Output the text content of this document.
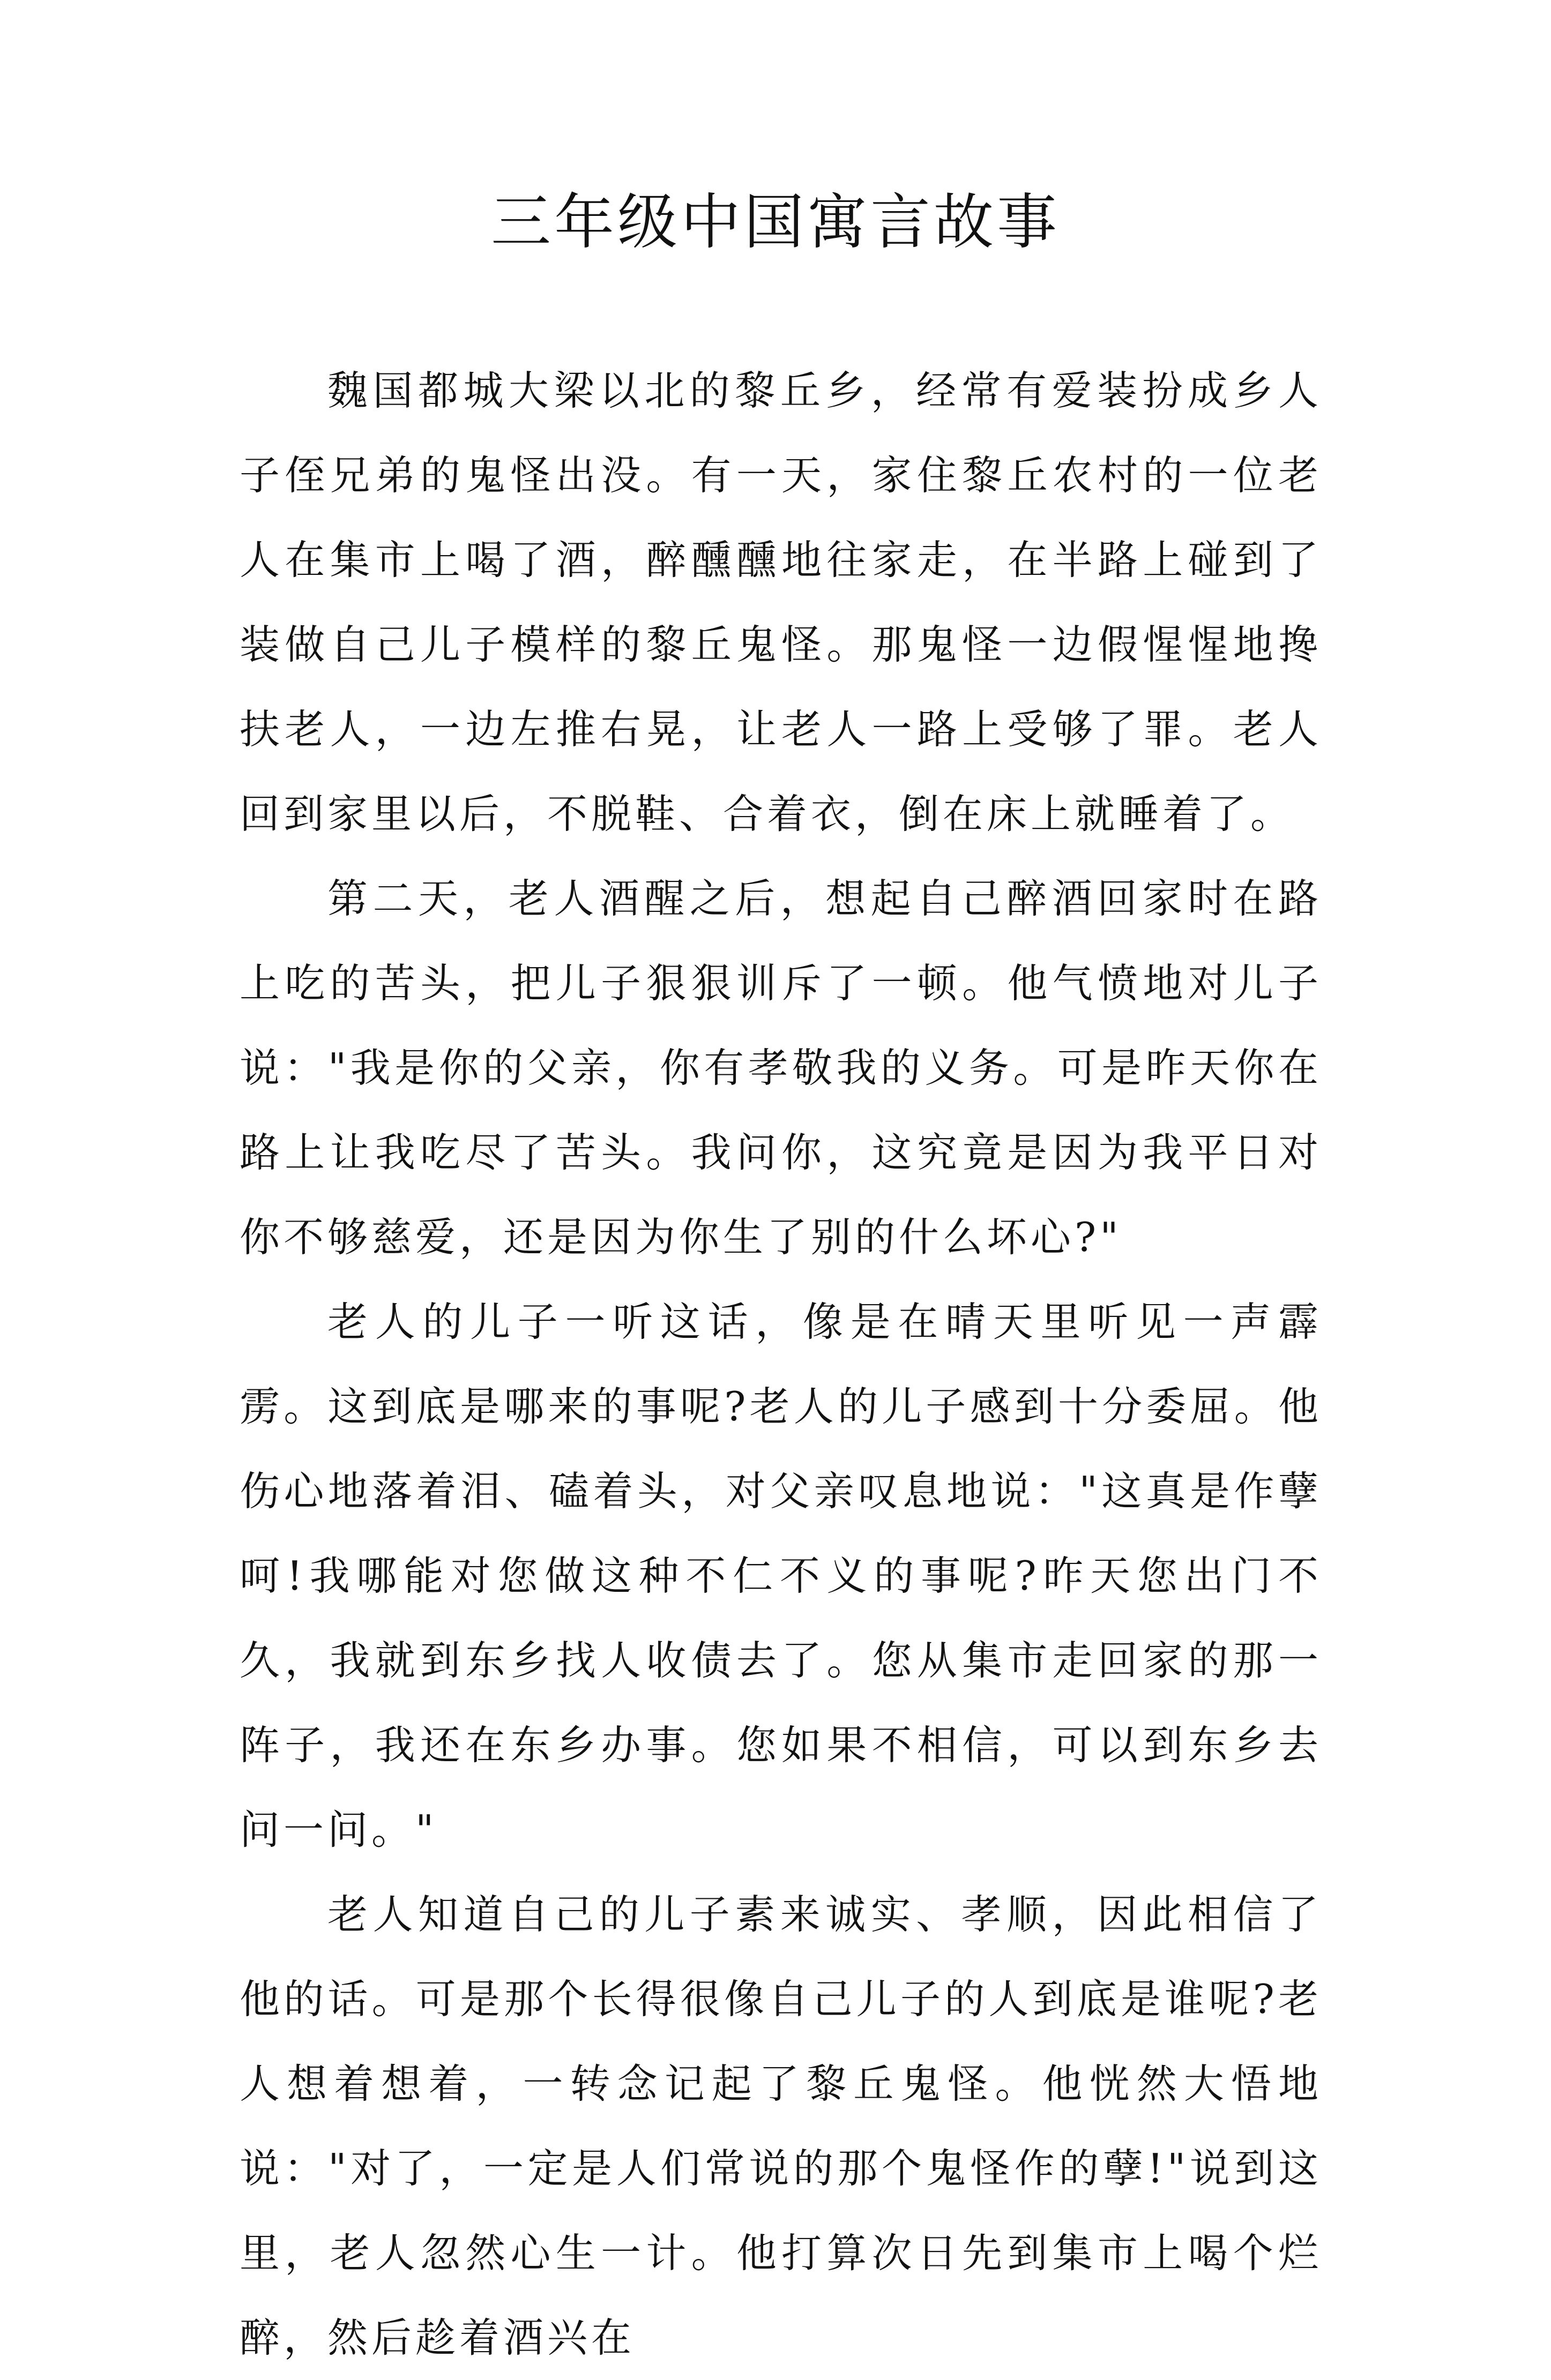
三年级中国寓言故事

魏国都城大梁以北的黎丘乡，经常有爱装扮成乡人子侄兄弟的鬼怪出没。有一天，家住黎丘农村的一位老人在集市上喝了酒，醉醺醺地往家走，在半路上碰到了装做自己儿子模样的黎丘鬼怪。那鬼怪一边假惺惺地搀扶老人，一边左推右晃，让老人一路上受够了罪。老人回到家里以后，不脱鞋、合着衣，倒在床上就睡着了。

第二天，老人酒醒之后，想起自己醉酒回家时在路上吃的苦头，把儿子狠狠训斥了一顿。他气愤地对儿子说："我是你的父亲，你有孝敬我的义务。可是昨天你在路上让我吃尽了苦头。我问你，这究竟是因为我平日对你不够慈爱，还是因为你生了别的什么坏心?"

老人的儿子一听这话，像是在晴天里听见一声霹雳。这到底是哪来的事呢?老人的儿子感到十分委屈。他伤心地落着泪、磕着头，对父亲叹息地说："这真是作孽呵!我哪能对您做这种不仁不义的事呢?昨天您出门不久，我就到东乡找人收债去了。您从集市走回家的那一阵子，我还在东乡办事。您如果不相信，可以到东乡去问一问。"

老人知道自己的儿子素来诚实、孝顺，因此相信了他的话。可是那个长得很像自己儿子的人到底是谁呢?老人想着想着，一转念记起了黎丘鬼怪。他恍然大悟地说："对了，一定是人们常说的那个鬼怪作的孽!"说到这里，老人忽然心生一计。他打算次日先到集市上喝个烂醉，然后趁着酒兴在
